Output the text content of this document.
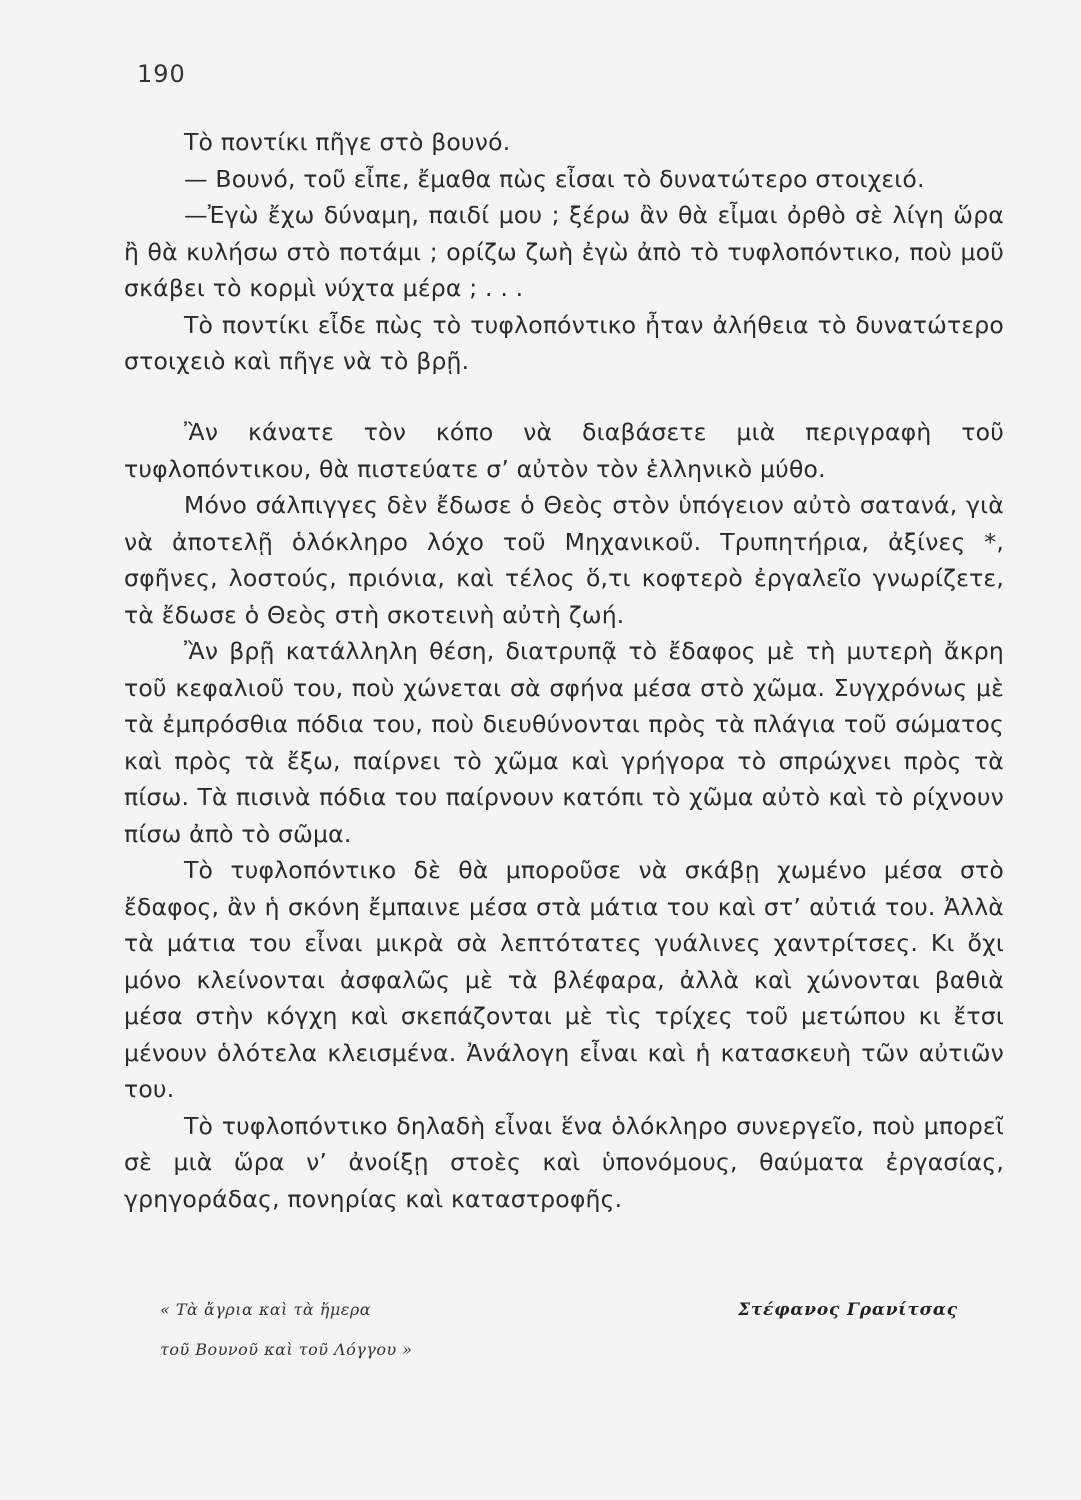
190

Τὸ ποντίκι πῆγε στὸ βουνό.

— Βουνό, τοῦ εἶπε, ἔμαθα πὼς εἶσαι τὸ δυνατώτερο στοιχειό.

—Ἐγὼ ἔχω δύναμη, παιδί μου ; ξέρω ἂν θὰ εἶμαι ὀρθὸ σὲ λίγη ὥρα ἢ θὰ κυλήσω στὸ ποτάμι ; ορίζω ζωὴ ἐγὼ ἀπὸ τὸ τυφλοπόντικο, ποὺ μοῦ σκάβει τὸ κορμὶ νύχτα μέρα ; . . .

Τὸ ποντίκι εἶδε πὼς τὸ τυφλοπόντικο ἦταν ἀλήθεια τὸ δυνατώτερο στοιχειὸ καὶ πῆγε νὰ τὸ βρῇ.

Ἂν κάνατε τὸν κόπο νὰ διαβάσετε μιὰ περιγραφὴ τοῦ τυφλοπόντικου, θὰ πιστεύατε σ’ αὐτὸν τὸν ἑλληνικὸ μύθο.

Μόνο σάλπιγγες δὲν ἔδωσε ὁ Θεὸς στὸν ὑπόγειον αὐτὸ σατανά, γιὰ νὰ ἀποτελῇ ὁλόκληρο λόχο τοῦ Μηχανικοῦ. Τρυπητήρια, ἀξίνες *, σφῆνες, λοστούς, πριόνια, καὶ τέλος ὅ,τι κοφτερὸ ἐργαλεῖο γνωρίζετε, τὰ ἔδωσε ὁ Θεὸς στὴ σκοτεινὴ αὐτὴ ζωή.

Ἂν βρῇ κατάλληλη θέση, διατρυπᾷ τὸ ἔδαφος μὲ τὴ μυτερὴ ἄκρη τοῦ κεφαλιοῦ του, ποὺ χώνεται σὰ σφήνα μέσα στὸ χῶμα. Συγχρόνως μὲ τὰ ἐμπρόσθια πόδια του, ποὺ διευθύνονται πρὸς τὰ πλάγια τοῦ σώματος καὶ πρὸς τὰ ἔξω, παίρνει τὸ χῶμα καὶ γρήγορα τὸ σπρώχνει πρὸς τὰ πίσω. Τὰ πισινὰ πόδια του παίρνουν κατόπι τὸ χῶμα αὐτὸ καὶ τὸ ρίχνουν πίσω ἀπὸ τὸ σῶμα.

Τὸ τυφλοπόντικο δὲ θὰ μποροῦσε νὰ σκάβῃ χωμένο μέσα στὸ ἔδαφος, ἂν ἡ σκόνη ἔμπαινε μέσα στὰ μάτια του καὶ στ’ αὐτιά του. Ἀλλὰ τὰ μάτια του εἶναι μικρὰ σὰ λεπτότατες γυάλινες χαντρίτσες. Κι ὄχι μόνο κλείνονται ἀσφαλῶς μὲ τὰ βλέφαρα, ἀλλὰ καὶ χώνονται βαθιὰ μέσα στὴν κόγχη καὶ σκεπάζονται μὲ τὶς τρίχες τοῦ μετώπου κι ἔτσι μένουν ὁλότελα κλεισμένα. Ἀνάλογη εἶναι καὶ ἡ κατασκευὴ τῶν αὐτιῶν του.

Τὸ τυφλοπόντικο δηλαδὴ εἶναι ἕνα ὁλόκληρο συνεργεῖο, ποὺ μπορεῖ σὲ μιὰ ὥρα ν’ ἀνοίξῃ στοὲς καὶ ὑπονόμους, θαύματα ἐργασίας, γρηγοράδας, πονηρίας καὶ καταστροφῆς.

« Τὰ ἄγρια καὶ τὰ ἥμερα
τοῦ Βουνοῦ καὶ τοῦ Λόγγου »
Στέφανος Γρανίτσας
